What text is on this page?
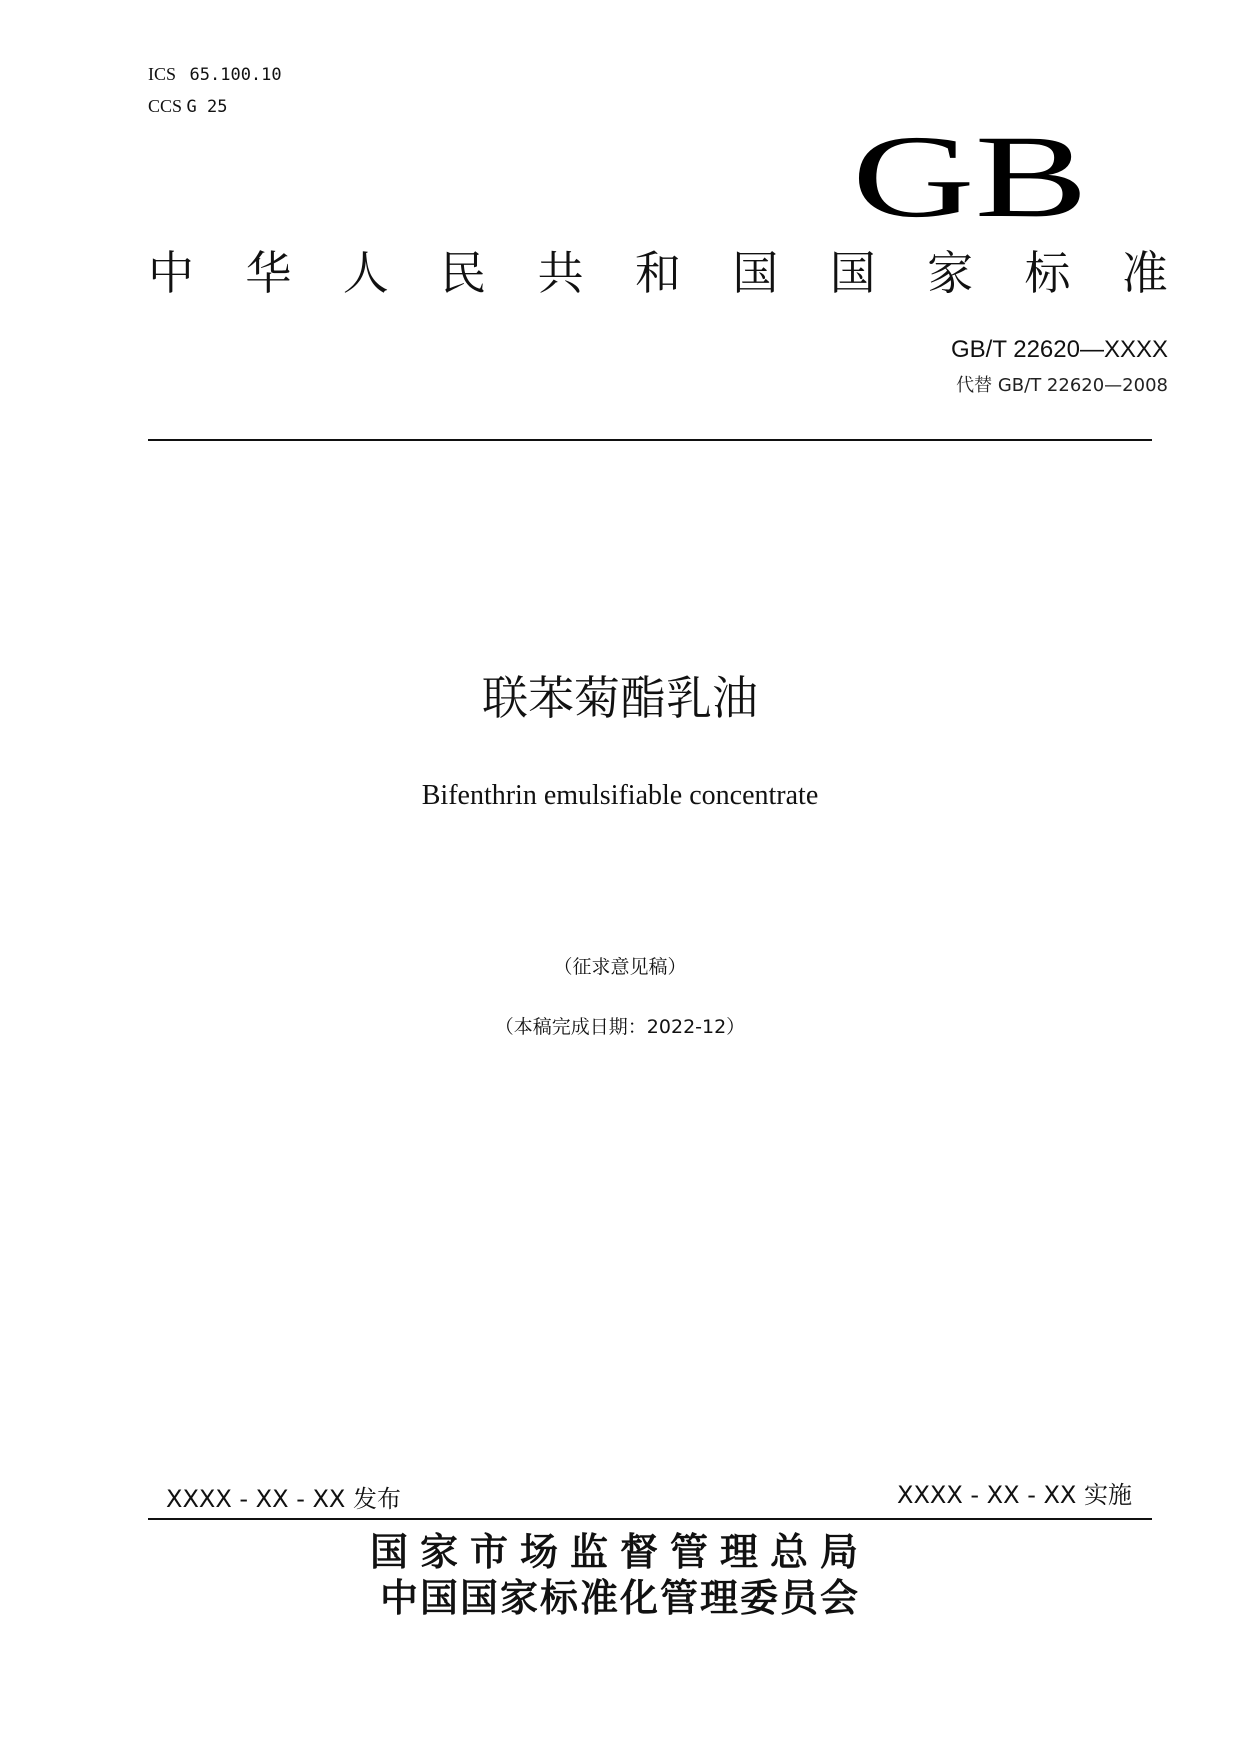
ICS 65.100.10
CCS G 25
GB
中 华 人 民 共 和 国 国 家 标 准
GB/T 22620—XXXX
代替 GB/T 22620—2008
联苯菊酯乳油
Bifenthrin emulsifiable concentrate
（征求意见稿）
（本稿完成日期：2022-12）
XXXX - XX - XX 发布	XXXX - XX - XX 实施
国家市场监督管理总局
中国国家标准化管理委员会
